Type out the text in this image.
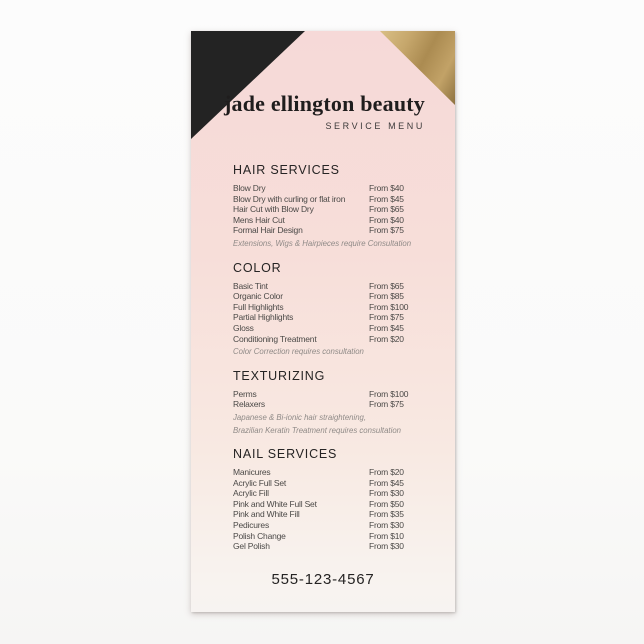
jade ellington beauty
SERVICE MENU
HAIR SERVICES
Blow Dry	From $40
Blow Dry with curling or flat iron	From $45
Hair Cut with Blow Dry	From $65
Mens Hair Cut	From $40
Formal Hair Design	From $75
Extensions, Wigs & Hairpieces require Consultation
COLOR
Basic Tint	From $65
Organic Color	From $85
Full Highlights	From $100
Partial Highlights	From $75
Gloss	From $45
Conditioning Treatment	From $20
Color Correction requires consultation
TEXTURIZING
Perms	From $100
Relaxers	From $75
Japanese & Bi-ionic hair straightening,
Brazilian Keratin Treatment requires consultation
NAIL SERVICES
Manicures	From $20
Acrylic Full Set	From $45
Acrylic Fill	From $30
Pink and White Full Set	From $50
Pink and White Fill	From $35
Pedicures	From $30
Polish Change	From $10
Gel Polish	From $30
555-123-4567
